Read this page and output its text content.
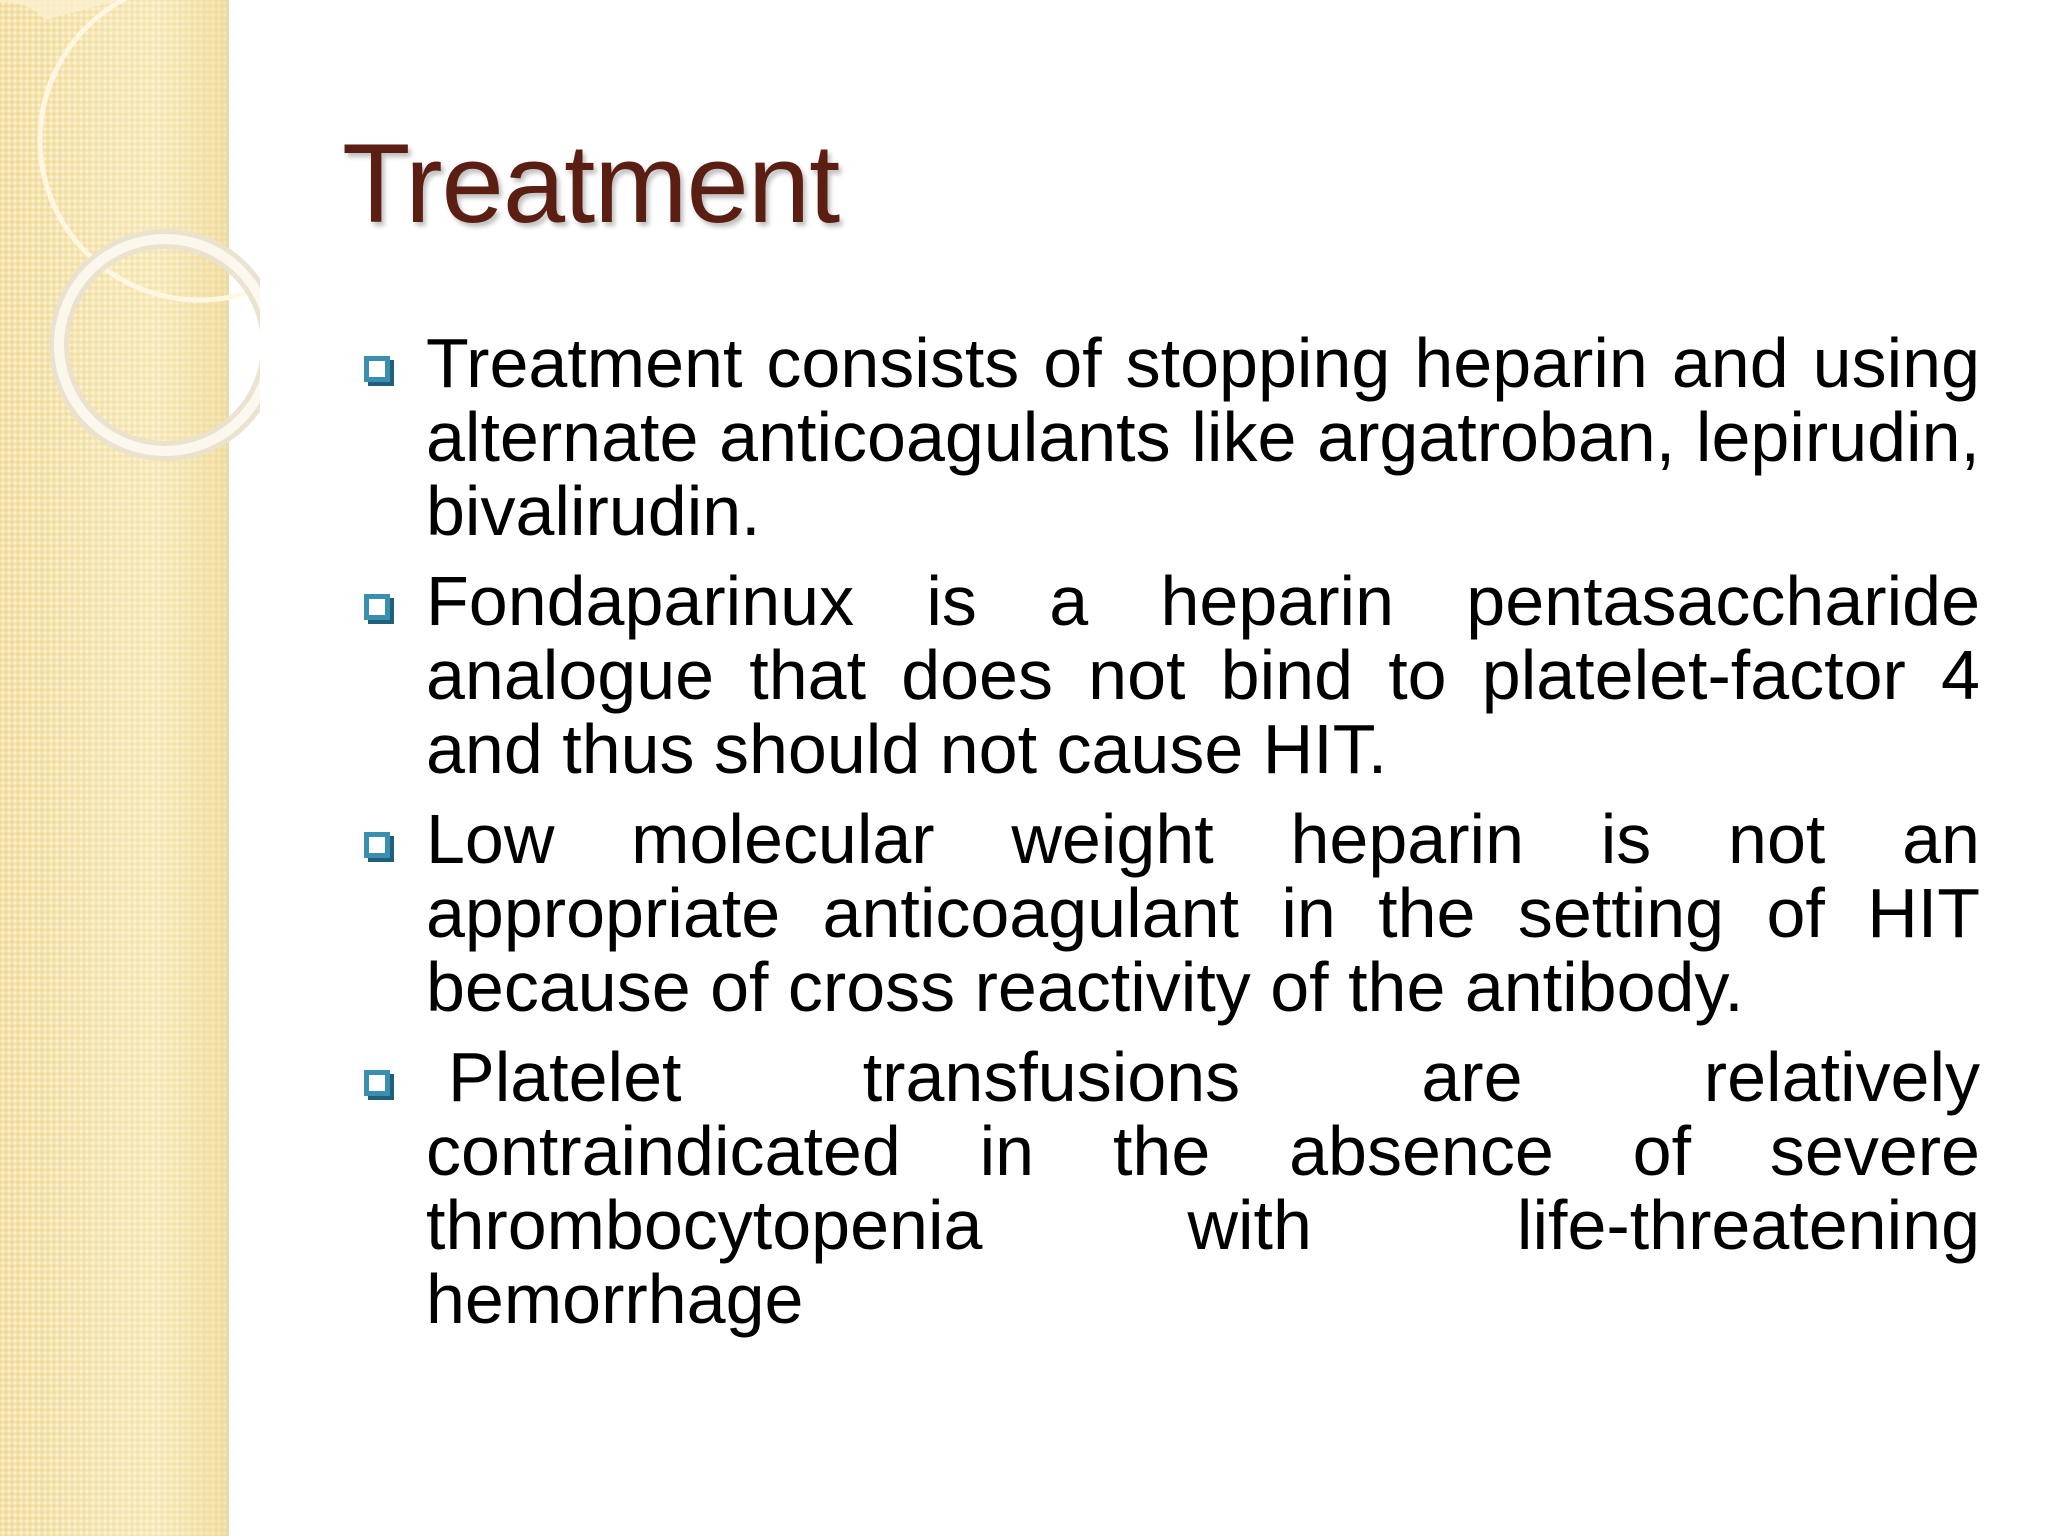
Treatment
Treatment consists of stopping heparin and using alternate anticoagulants like argatroban, lepirudin, bivalirudin.
Fondaparinux is a heparin pentasaccharide analogue that does not bind to platelet-factor 4 and thus should not cause HIT.
Low molecular weight heparin is not an appropriate anticoagulant in the setting of HIT because of cross reactivity of the antibody.
Platelet transfusions are relatively contraindicated in the absence of severe thrombocytopenia with life-threatening hemorrhage
